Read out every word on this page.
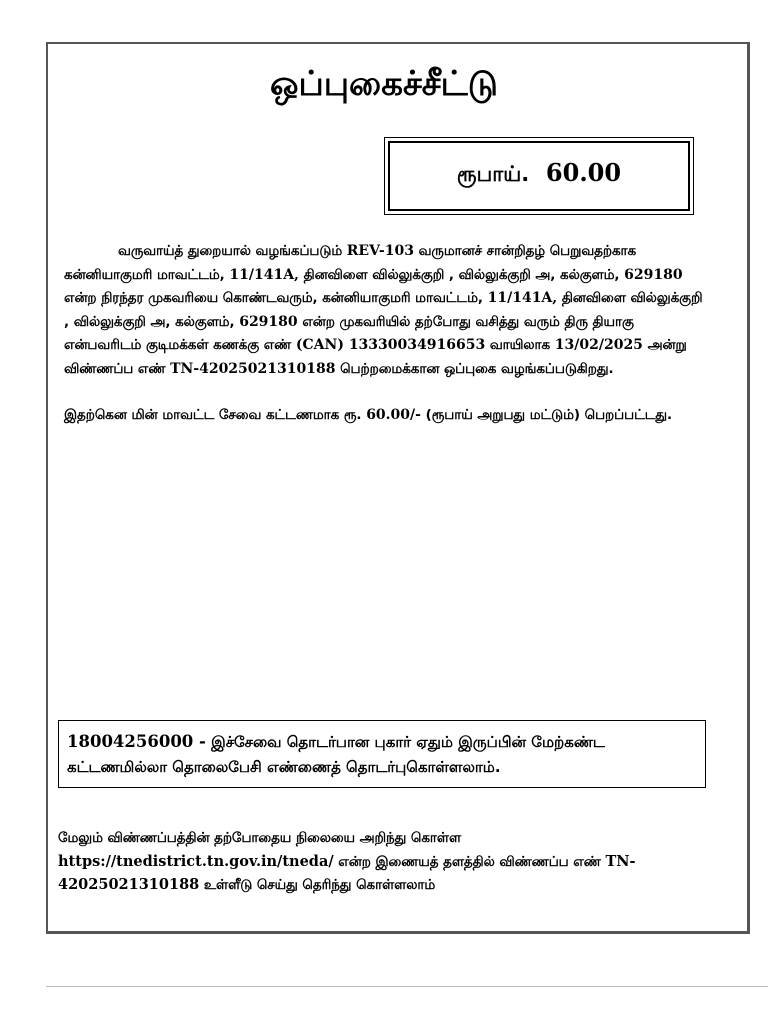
ஒப்புகைச்சீட்டு
ரூபாய். 60.00
வருவாய்த் துறையால் வழங்கப்படும் REV-103 வருமானச் சான்றிதழ் பெறுவதற்காக கன்னியாகுமரி மாவட்டம், 11/141A, தினவிளை வில்லுக்குறி , வில்லுக்குறி அ, கல்குளம், 629180 என்ற நிரந்தர முகவரியை கொண்டவரும், கன்னியாகுமரி மாவட்டம், 11/141A, தினவிளை வில்லுக்குறி , வில்லுக்குறி அ, கல்குளம், 629180 என்ற முகவரியில் தற்போது வசித்து வரும் திரு தியாகு என்பவரிடம் குடிமக்கள் கணக்கு எண் (CAN) 13330034916653 வாயிலாக 13/02/2025 அன்று விண்ணப்ப எண் TN-42025021310188 பெற்றமைக்கான ஒப்புகை வழங்கப்படுகிறது.
இதற்கென மின் மாவட்ட சேவை கட்டணமாக ரூ. 60.00/- (ரூபாய் அறுபது மட்டும்) பெறப்பட்டது.
18004256000 - இச்சேவை தொடர்பான புகார் ஏதும் இருப்பின் மேற்கண்ட கட்டணமில்லா தொலைபேசி எண்ணைத் தொடர்புகொள்ளலாம்.
மேலும் விண்ணப்பத்தின் தற்போதைய நிலையை அறிந்து கொள்ள https://tnedistrict.tn.gov.in/tneda/ என்ற இணையத் தளத்தில் விண்ணப்ப எண் TN-42025021310188 உள்ளீடு செய்து தெரிந்து கொள்ளலாம்
